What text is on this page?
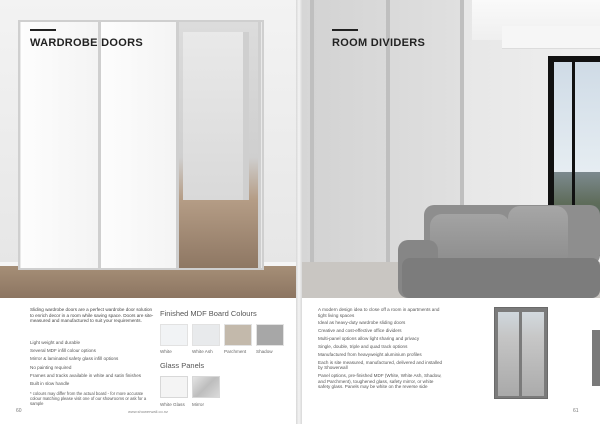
WARDROBE DOORS
Sliding wardrobe doors are a perfect wardrobe door solution to enrich decor in a room while saving space. Doors are site-measured and manufactured to suit your requirements.
Light weight and durable
Several MDF infill colour options
Mirror & laminated safety glass infill options
No painting required
Frames and tracks available in white and satin finishes
Built in slow handle
* colours may differ from the actual board - for more accurate colour matching please visit one of our showrooms or ask for a sample
60	www.showerwall.co.nz
Finished MDF Board Colours
White	White Ash Parchment Shadow
Glass Panels
White Glass Mirror
ROOM DIVIDERS
A modern design idea to close off a room in apartments and tight living spaces
Ideal as heavy-duty wardrobe sliding doors
Creative and cost-effective office dividers
Multi-panel options allow light sharing and privacy
Single, double, triple and quad track options
Manufactured from heavyweight aluminium profiles
Each is site measured, manufactured, delivered and installed by Showerwall
Panel options, pre-finished MDF (White, White Ash, Shadow, and Parchment), toughened glass, safety mirror, or white safety glass. Panels may be white on the reverse side
61
